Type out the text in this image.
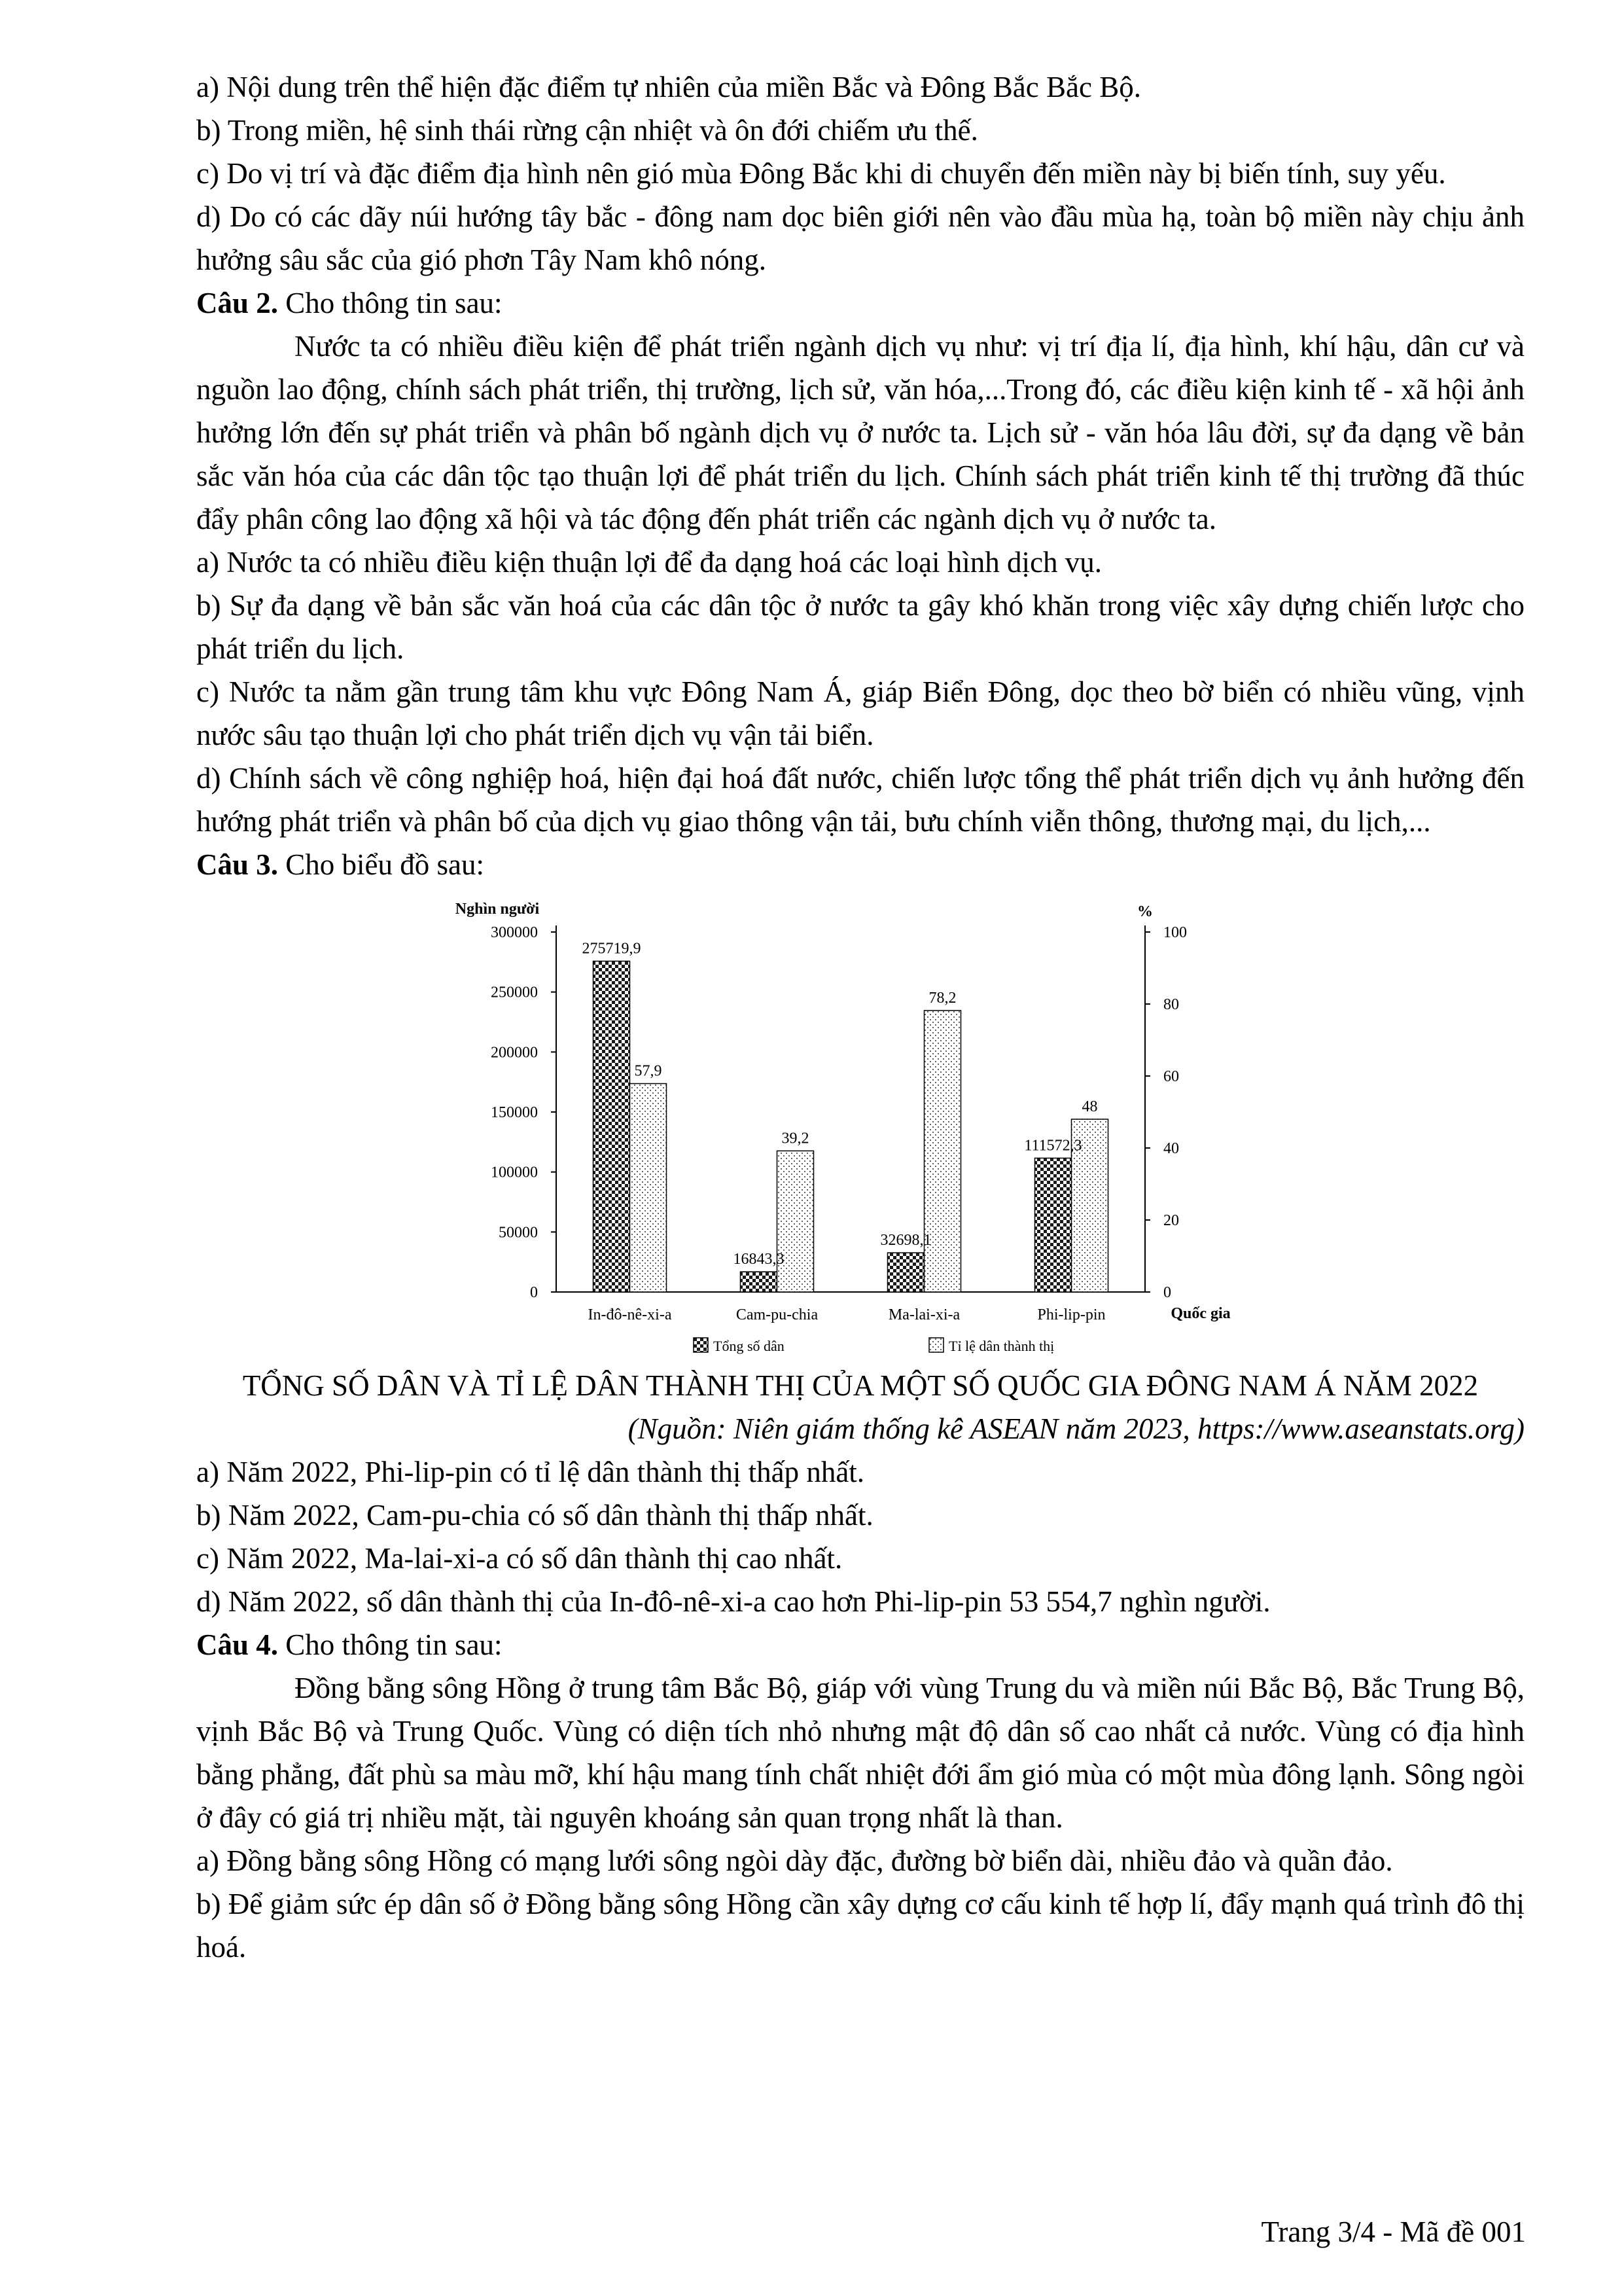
a) Nội dung trên thể hiện đặc điểm tự nhiên của miền Bắc và Đông Bắc Bắc Bộ.

b) Trong miền, hệ sinh thái rừng cận nhiệt và ôn đới chiếm ưu thế.

c) Do vị trí và đặc điểm địa hình nên gió mùa Đông Bắc khi di chuyển đến miền này bị biến tính, suy yếu.

d) Do có các dãy núi hướng tây bắc - đông nam dọc biên giới nên vào đầu mùa hạ, toàn bộ miền này chịu ảnh hưởng sâu sắc của gió phơn Tây Nam khô nóng.

Câu 2. Cho thông tin sau:

Nước ta có nhiều điều kiện để phát triển ngành dịch vụ như: vị trí địa lí, địa hình, khí hậu, dân cư và nguồn lao động, chính sách phát triển, thị trường, lịch sử, văn hóa,...Trong đó, các điều kiện kinh tế - xã hội ảnh hưởng lớn đến sự phát triển và phân bố ngành dịch vụ ở nước ta. Lịch sử - văn hóa lâu đời, sự đa dạng về bản sắc văn hóa của các dân tộc tạo thuận lợi để phát triển du lịch. Chính sách phát triển kinh tế thị trường đã thúc đẩy phân công lao động xã hội và tác động đến phát triển các ngành dịch vụ ở nước ta.

a) Nước ta có nhiều điều kiện thuận lợi để đa dạng hoá các loại hình dịch vụ.

b) Sự đa dạng về bản sắc văn hoá của các dân tộc ở nước ta gây khó khăn trong việc xây dựng chiến lược cho phát triển du lịch.

c) Nước ta nằm gần trung tâm khu vực Đông Nam Á, giáp Biển Đông, dọc theo bờ biển có nhiều vũng, vịnh nước sâu tạo thuận lợi cho phát triển dịch vụ vận tải biển.

d) Chính sách về công nghiệp hoá, hiện đại hoá đất nước, chiến lược tổng thể phát triển dịch vụ ảnh hưởng đến hướng phát triển và phân bố của dịch vụ giao thông vận tải, bưu chính viễn thông, thương mại, du lịch,...

Câu 3. Cho biểu đồ sau:

0
50000
100000
150000
200000
250000
300000
0
20
40
60
80
100
Nghìn người	%
Quốc gia
275719,9
57,9
In-đô-nê-xi-a
16843,3
39,2
Cam-pu-chia
32698,1
78,2
Ma-lai-xi-a
111572,3
48
Phi-lip-pin
Tổng số dân	Tỉ lệ dân thành thị

TỔNG SỐ DÂN VÀ TỈ LỆ DÂN THÀNH THỊ CỦA MỘT SỐ QUỐC GIA ĐÔNG NAM Á NĂM 2022

(Nguồn: Niên giám thống kê ASEAN năm 2023, https://www.aseanstats.org)

a) Năm 2022, Phi-lip-pin có tỉ lệ dân thành thị thấp nhất.

b) Năm 2022, Cam-pu-chia có số dân thành thị thấp nhất.

c) Năm 2022, Ma-lai-xi-a có số dân thành thị cao nhất.

d) Năm 2022, số dân thành thị của In-đô-nê-xi-a cao hơn Phi-lip-pin 53 554,7 nghìn người.

Câu 4. Cho thông tin sau:

Đồng bằng sông Hồng ở trung tâm Bắc Bộ, giáp với vùng Trung du và miền núi Bắc Bộ, Bắc Trung Bộ, vịnh Bắc Bộ và Trung Quốc. Vùng có diện tích nhỏ nhưng mật độ dân số cao nhất cả nước. Vùng có địa hình bằng phẳng, đất phù sa màu mỡ, khí hậu mang tính chất nhiệt đới ẩm gió mùa có một mùa đông lạnh. Sông ngòi ở đây có giá trị nhiều mặt, tài nguyên khoáng sản quan trọng nhất là than.

a) Đồng bằng sông Hồng có mạng lưới sông ngòi dày đặc, đường bờ biển dài, nhiều đảo và quần đảo.

b) Để giảm sức ép dân số ở Đồng bằng sông Hồng cần xây dựng cơ cấu kinh tế hợp lí, đẩy mạnh quá trình đô thị hoá.

Trang 3/4 - Mã đề 001
